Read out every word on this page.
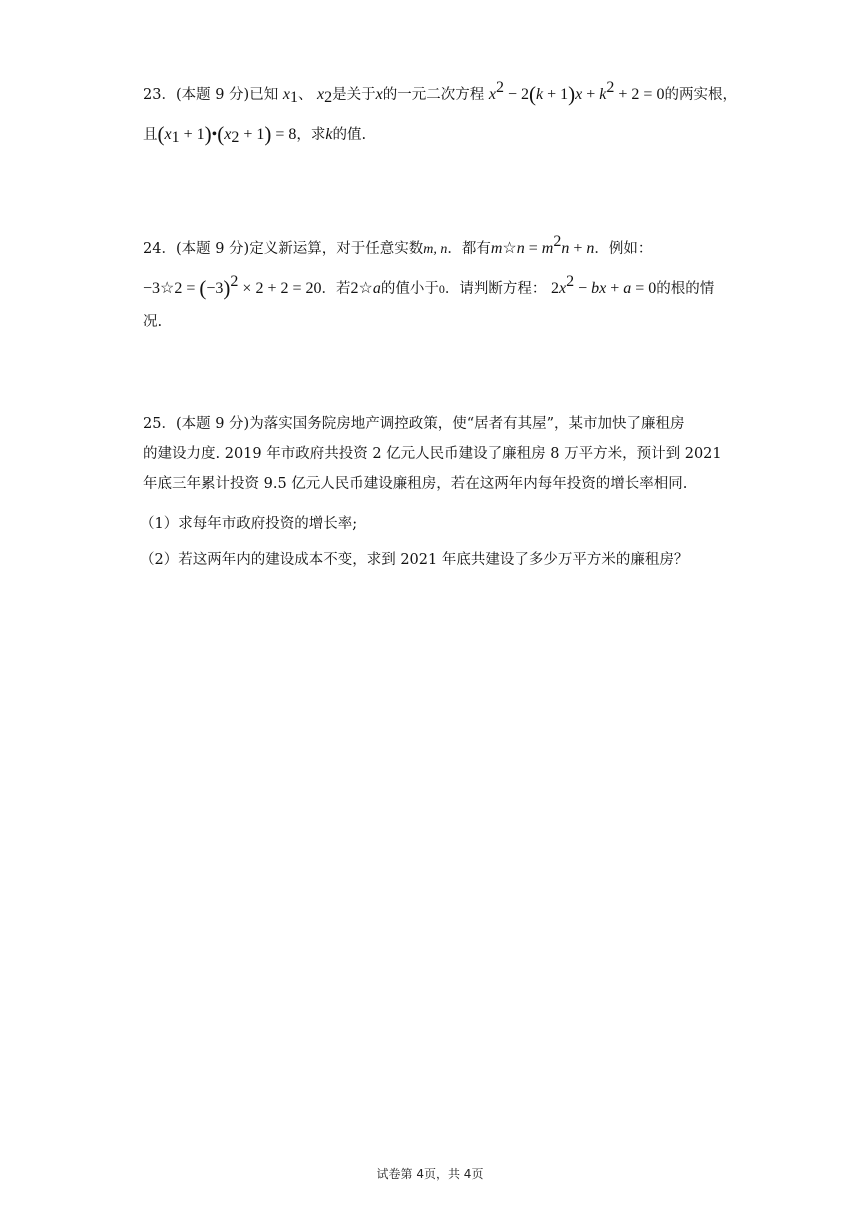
23．(本题 9 分)已知 x1、 x2是关于x的一元二次方程 x2 − 2(k + 1)x + k2 + 2 = 0的两实根，
且(x1 + 1)•(x2 + 1) = 8，求k的值.
24．(本题 9 分)定义新运算，对于任意实数m, n．都有m☆n = m2n + n．例如：
−3☆2 = (−3)2 × 2 + 2 = 20．若2☆a的值小于0．请判断方程： 2x2 − bx + a = 0的根的情
况.
25．(本题 9 分)为落实国务院房地产调控政策，使“居者有其屋”，某市加快了廉租房
的建设力度. 2019 年市政府共投资 2 亿元人民币建设了廉租房 8 万平方米，预计到 2021
年底三年累计投资 9.5 亿元人民币建设廉租房，若在这两年内每年投资的增长率相同.
（1）求每年市政府投资的增长率;
（2）若这两年内的建设成本不变，求到 2021 年底共建设了多少万平方米的廉租房？
试卷第 4页，共 4页
